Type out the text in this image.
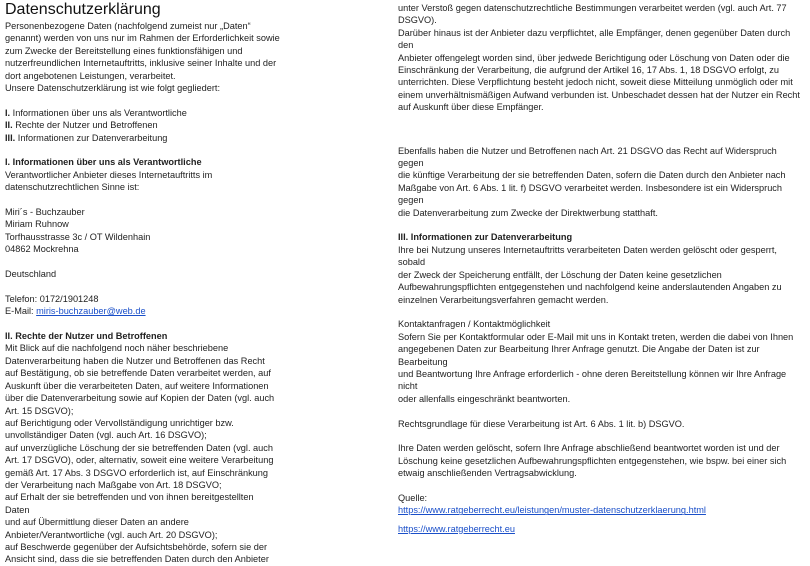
Datenschutzerklärung

Personenbezogene Daten (nachfolgend zumeist nur „Daten“
genannt) werden von uns nur im Rahmen der Erforderlichkeit sowie
zum Zwecke der Bereitstellung eines funktionsfähigen und
nutzerfreundlichen Internetauftritts, inklusive seiner Inhalte und der
dort angebotenen Leistungen, verarbeitet.
Unsere Datenschutzerklärung ist wie folgt gegliedert:

I. Informationen über uns als Verantwortliche

II. Rechte der Nutzer und Betroffenen

III. Informationen zur Datenverarbeitung

I. Informationen über uns als Verantwortliche

Verantwortlicher Anbieter dieses Internetauftritts im
datenschutzrechtlichen Sinne ist:

Miri´s - Buchzauber

Miriam Ruhnow

Torfhausstrasse 3c / OT Wildenhain

04862 Mockrehna

Deutschland

Telefon: 0172/1901248

E-Mail: miris-buchzauber@web.de

II. Rechte der Nutzer und Betroffenen

Mit Blick auf die nachfolgend noch näher beschriebene
Datenverarbeitung haben die Nutzer und Betroffenen das Recht
auf Bestätigung, ob sie betreffende Daten verarbeitet werden, auf
Auskunft über die verarbeiteten Daten, auf weitere Informationen
über die Datenverarbeitung sowie auf Kopien der Daten (vgl. auch
Art. 15 DSGVO);
auf Berichtigung oder Vervollständigung unrichtiger bzw.
unvollständiger Daten (vgl. auch Art. 16 DSGVO);
auf unverzügliche Löschung der sie betreffenden Daten (vgl. auch
Art. 17 DSGVO), oder, alternativ, soweit eine weitere Verarbeitung
gemäß Art. 17 Abs. 3 DSGVO erforderlich ist, auf Einschränkung
der Verarbeitung nach Maßgabe von Art. 18 DSGVO;
auf Erhalt der sie betreffenden und von ihnen bereitgestellten Daten
und auf Übermittlung dieser Daten an andere
Anbieter/Verantwortliche (vgl. auch Art. 20 DSGVO);
auf Beschwerde gegenüber der Aufsichtsbehörde, sofern sie der
Ansicht sind, dass die sie betreffenden Daten durch den Anbieter

unter Verstoß gegen datenschutzrechtliche Bestimmungen verarbeitet werden (vgl. auch Art. 77
DSGVO).
Darüber hinaus ist der Anbieter dazu verpflichtet, alle Empfänger, denen gegenüber Daten durch den
Anbieter offengelegt worden sind, über jedwede Berichtigung oder Löschung von Daten oder die
Einschränkung der Verarbeitung, die aufgrund der Artikel 16, 17 Abs. 1, 18 DSGVO erfolgt, zu
unterrichten. Diese Verpflichtung besteht jedoch nicht, soweit diese Mitteilung unmöglich oder mit
einem unverhältnismäßigen Aufwand verbunden ist. Unbeschadet dessen hat der Nutzer ein Recht
auf Auskunft über diese Empfänger.

Ebenfalls haben die Nutzer und Betroffenen nach Art. 21 DSGVO das Recht auf Widerspruch gegen
die künftige Verarbeitung der sie betreffenden Daten, sofern die Daten durch den Anbieter nach
Maßgabe von Art. 6 Abs. 1 lit. f) DSGVO verarbeitet werden. Insbesondere ist ein Widerspruch gegen
die Datenverarbeitung zum Zwecke der Direktwerbung statthaft.

III. Informationen zur Datenverarbeitung

Ihre bei Nutzung unseres Internetauftritts verarbeiteten Daten werden gelöscht oder gesperrt, sobald
der Zweck der Speicherung entfällt, der Löschung der Daten keine gesetzlichen
Aufbewahrungspflichten entgegenstehen und nachfolgend keine anderslautenden Angaben zu
einzelnen Verarbeitungsverfahren gemacht werden.

Kontaktanfragen / Kontaktmöglichkeit

Sofern Sie per Kontaktformular oder E-Mail mit uns in Kontakt treten, werden die dabei von Ihnen
angegebenen Daten zur Bearbeitung Ihrer Anfrage genutzt. Die Angabe der Daten ist zur Bearbeitung
und Beantwortung Ihre Anfrage erforderlich - ohne deren Bereitstellung können wir Ihre Anfrage nicht
oder allenfalls eingeschränkt beantworten.

Rechtsgrundlage für diese Verarbeitung ist Art. 6 Abs. 1 lit. b) DSGVO.

Ihre Daten werden gelöscht, sofern Ihre Anfrage abschließend beantwortet worden ist und der
Löschung keine gesetzlichen Aufbewahrungspflichten entgegenstehen, wie bspw. bei einer sich
etwaig anschließenden Vertragsabwicklung.

Quelle:

https://www.ratgeberrecht.eu/leistungen/muster-datenschutzerklaerung.html

https://www.ratgeberrecht.eu
